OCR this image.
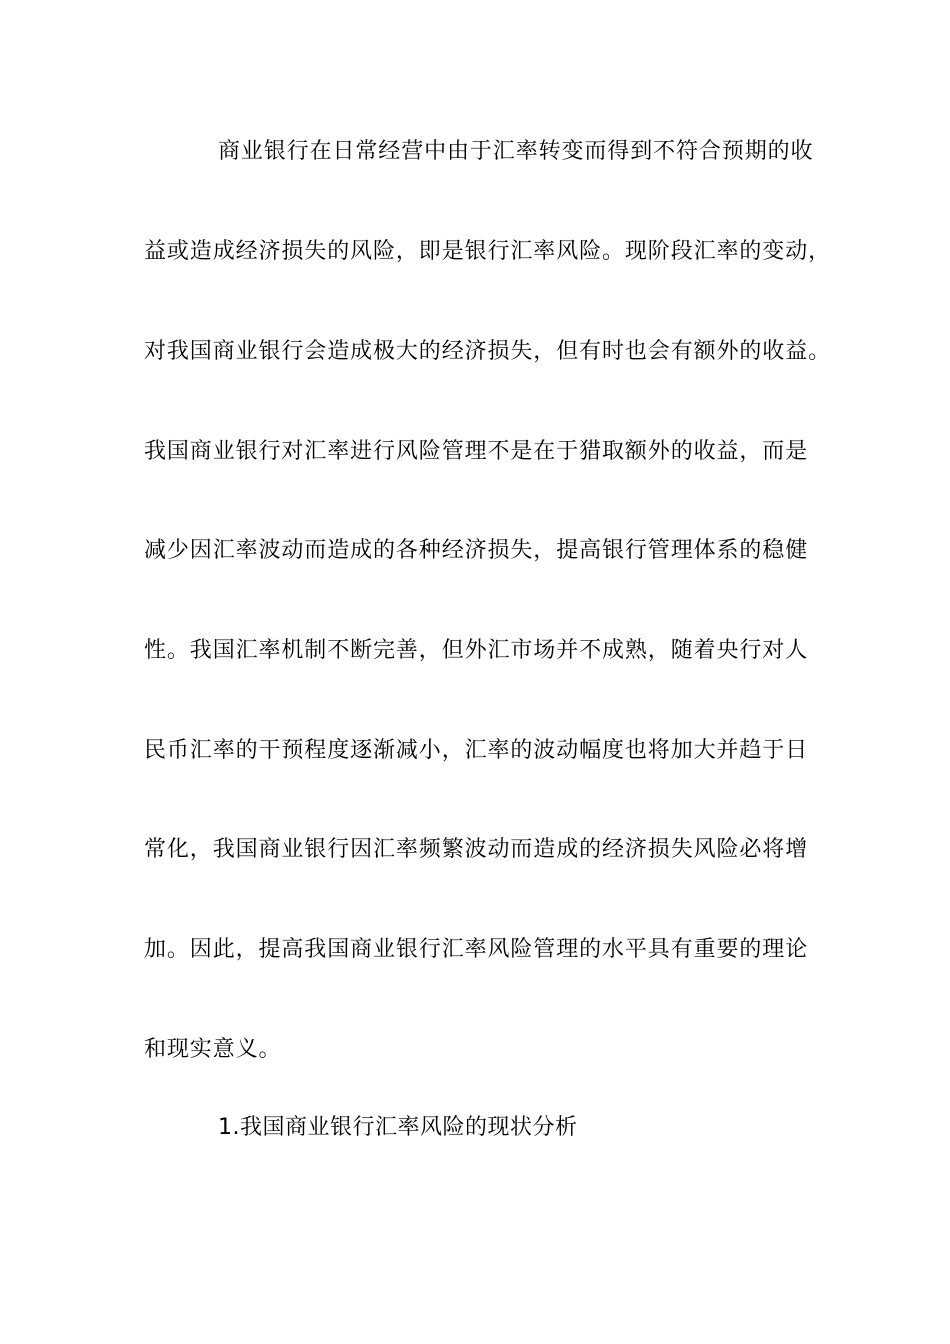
商业银行在日常经营中由于汇率转变而得到不符合预期的收
益或造成经济损失的风险，即是银行汇率风险。现阶段汇率的变动，
对我国商业银行会造成极大的经济损失，但有时也会有额外的收益。
我国商业银行对汇率进行风险管理不是在于猎取额外的收益，而是
减少因汇率波动而造成的各种经济损失，提高银行管理体系的稳健
性。我国汇率机制不断完善，但外汇市场并不成熟，随着央行对人
民币汇率的干预程度逐渐减小，汇率的波动幅度也将加大并趋于日
常化，我国商业银行因汇率频繁波动而造成的经济损失风险必将增
加。因此，提高我国商业银行汇率风险管理的水平具有重要的理论
和现实意义。
1.我国商业银行汇率风险的现状分析
